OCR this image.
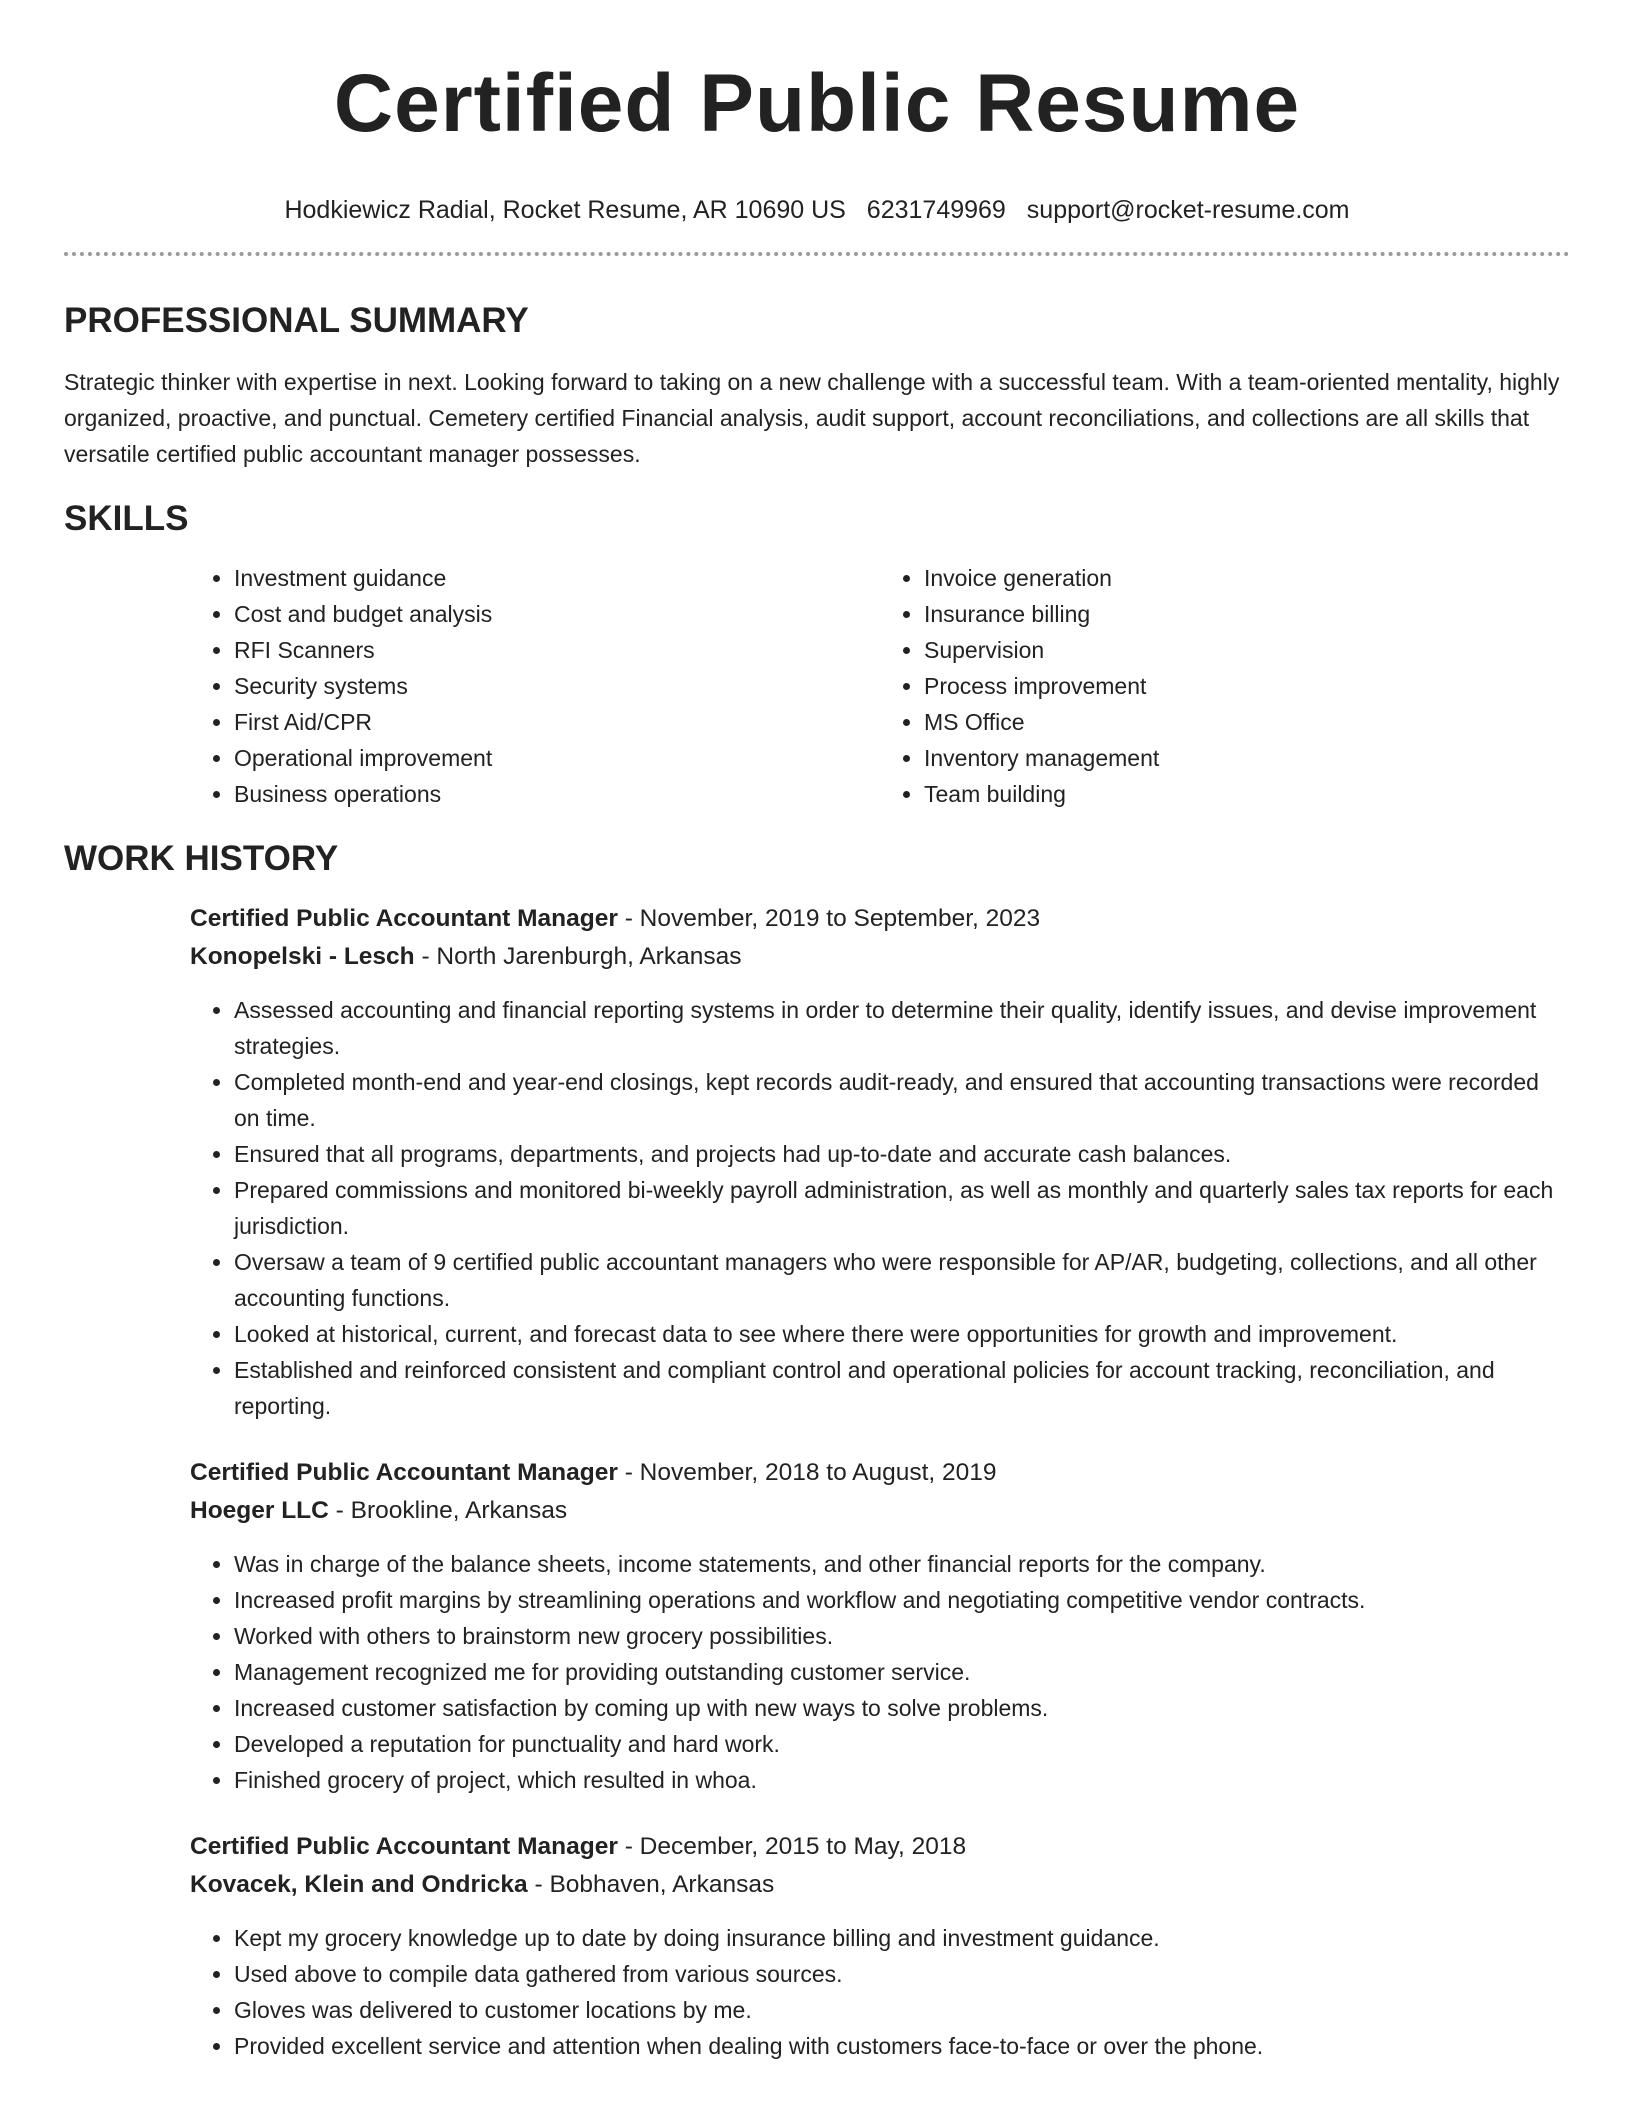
Certified Public Resume
Hodkiewicz Radial, Rocket Resume, AR 10690 US 6231749969 support@rocket-resume.com
PROFESSIONAL SUMMARY

Strategic thinker with expertise in next. Looking forward to taking on a new challenge with a successful team. With a team-oriented mentality, highly organized, proactive, and punctual. Cemetery certified Financial analysis, audit support, account reconciliations, and collections are all skills that versatile certified public accountant manager possesses.

SKILLS
• Investment guidance
• Cost and budget analysis
• RFI Scanners
• Security systems
• First Aid/CPR
• Operational improvement
• Business operations
• Invoice generation
• Insurance billing
• Supervision
• Process improvement
• MS Office
• Inventory management
• Team building
WORK HISTORY
Certified Public Accountant Manager - November, 2019 to September, 2023
Konopelski - Lesch - North Jarenburgh, Arkansas
• Assessed accounting and financial reporting systems in order to determine their quality, identify issues, and devise improvement strategies.
• Completed month-end and year-end closings, kept records audit-ready, and ensured that accounting transactions were recorded on time.
• Ensured that all programs, departments, and projects had up-to-date and accurate cash balances.
• Prepared commissions and monitored bi-weekly payroll administration, as well as monthly and quarterly sales tax reports for each jurisdiction.
• Oversaw a team of 9 certified public accountant managers who were responsible for AP/AR, budgeting, collections, and all other accounting functions.
• Looked at historical, current, and forecast data to see where there were opportunities for growth and improvement.
• Established and reinforced consistent and compliant control and operational policies for account tracking, reconciliation, and reporting.
Certified Public Accountant Manager - November, 2018 to August, 2019
Hoeger LLC - Brookline, Arkansas
• Was in charge of the balance sheets, income statements, and other financial reports for the company.
• Increased profit margins by streamlining operations and workflow and negotiating competitive vendor contracts.
• Worked with others to brainstorm new grocery possibilities.
• Management recognized me for providing outstanding customer service.
• Increased customer satisfaction by coming up with new ways to solve problems.
• Developed a reputation for punctuality and hard work.
• Finished grocery of project, which resulted in whoa.
Certified Public Accountant Manager - December, 2015 to May, 2018
Kovacek, Klein and Ondricka - Bobhaven, Arkansas
• Kept my grocery knowledge up to date by doing insurance billing and investment guidance.
• Used above to compile data gathered from various sources.
• Gloves was delivered to customer locations by me.
• Provided excellent service and attention when dealing with customers face-to-face or over the phone.
